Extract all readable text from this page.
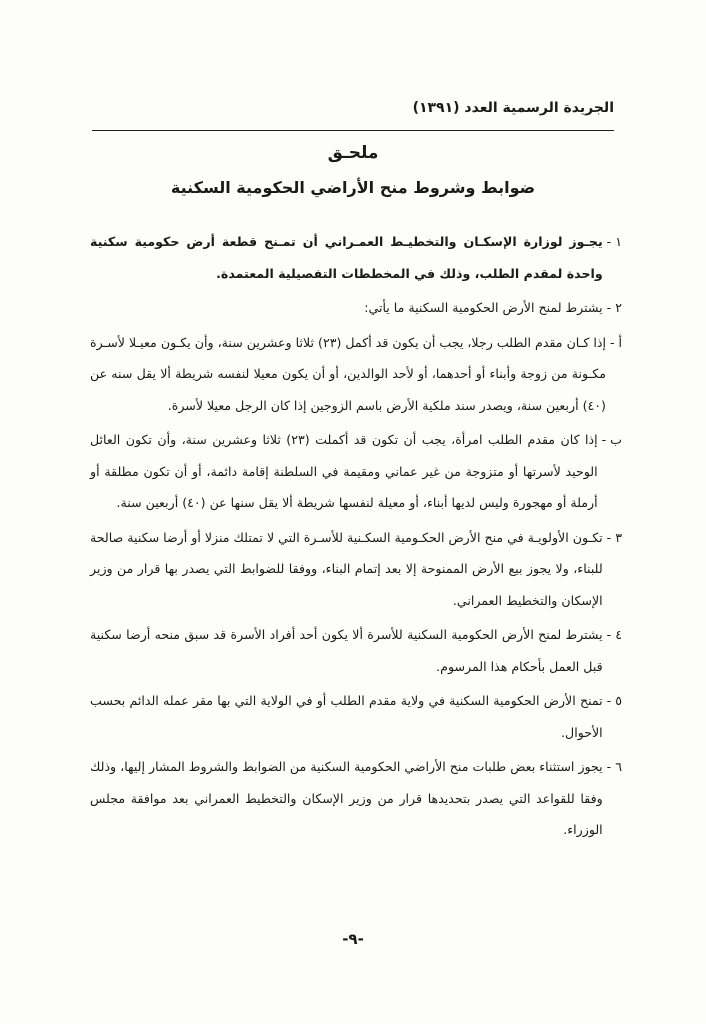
الجريدة الرسمية العدد (١٣٩١)
ملحـق
ضوابط وشروط منح الأراضي الحكومية السكنية
١ -
يجـوز لوزارة الإسكـان والتخطيـط العمـراني أن تمـنح قطعة أرض حكومية سكنية واحدة لمقدم الطلب، وذلك في المخططات التفصيلية المعتمدة.
٢ -
يشترط لمنح الأرض الحكومية السكنية ما يأتي:
أ -
إذا كـان مقدم الطلب رجلا، يجب أن يكون قد أكمل (٢٣) ثلاثا وعشرين سنة، وأن يكـون معيـلا لأسـرة مكـونة من زوجة وأبناء أو أحدهما، أو لأحد الوالدين، أو أن يكون معيلا لنفسه شريطة ألا يقل سنه عن (٤٠) أربعين سنة، ويصدر سند ملكية الأرض باسم الزوجين إذا كان الرجل معيلا لأسرة.
ب -
إذا كان مقدم الطلب امرأة، يجب أن تكون قد أكملت (٢٣) ثلاثا وعشرين سنة، وأن تكون العائل الوحيد لأسرتها أو متزوجة من غير عماني ومقيمة في السلطنة إقامة دائمة، أو أن تكون مطلقة أو أرملة أو مهجورة وليس لديها أبناء، أو معيلة لنفسها شريطة ألا يقل سنها عن (٤٠) أربعين سنة.
٣ -
تكـون الأولويـة في منح الأرض الحكـومية السكـنية للأسـرة التي لا تمتلك منزلا أو أرضا سكنية صالحة للبناء، ولا يجوز بيع الأرض الممنوحة إلا بعد إتمام البناء، ووفقا للضوابط التي يصدر بها قرار من وزير الإسكان والتخطيط العمراني.
٤ -
يشترط لمنح الأرض الحكومية السكنية للأسرة ألا يكون أحد أفراد الأسرة قد سبق منحه أرضا سكنية قبل العمل بأحكام هذا المرسوم.
٥ -
تمنح الأرض الحكومية السكنية في ولاية مقدم الطلب أو في الولاية التي بها مقر عمله الدائم بحسب الأحوال.
٦ -
يجوز استثناء بعض طلبات منح الأراضي الحكومية السكنية من الضوابط والشروط المشار إليها، وذلك وفقا للقواعد التي يصدر بتحديدها قرار من وزير الإسكان والتخطيط العمراني بعد موافقة مجلس الوزراء.
-٩-
